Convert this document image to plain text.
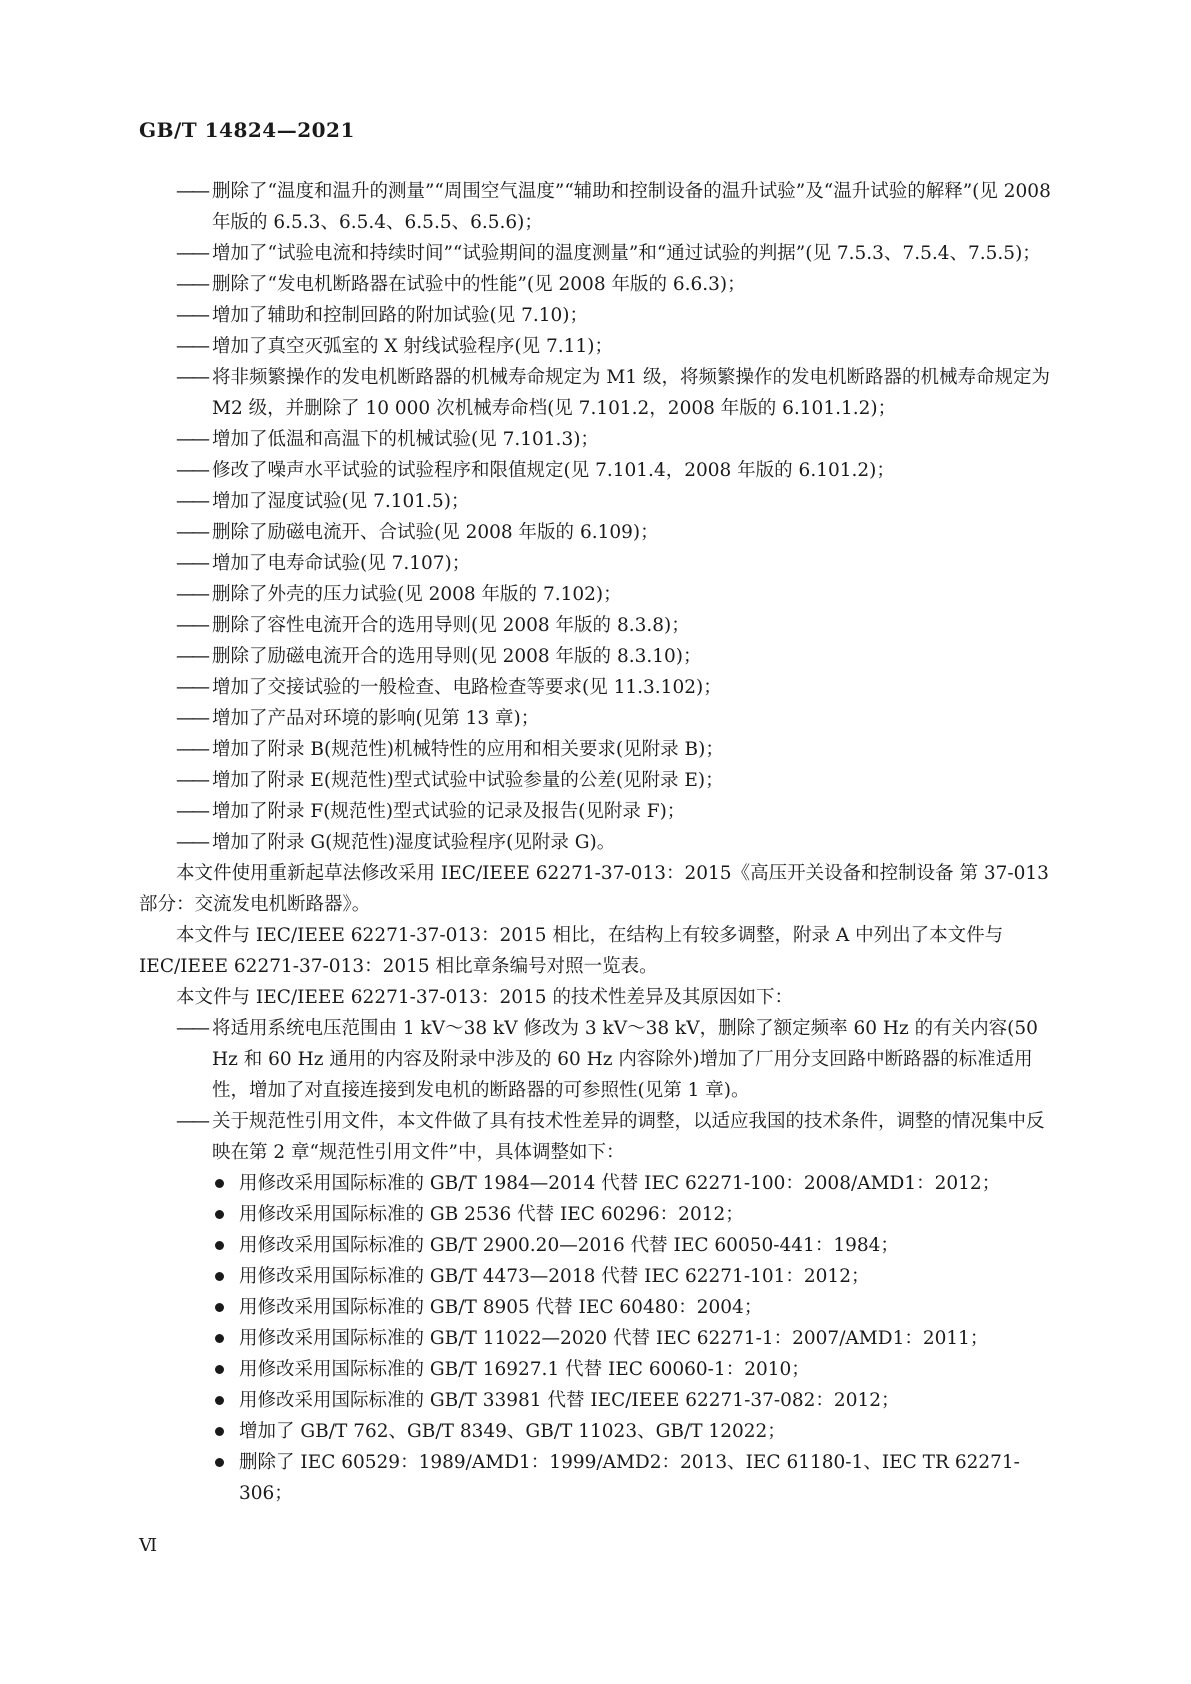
GB/T 14824—2021
—— 删除了“温度和温升的测量”“周围空气温度”“辅助和控制设备的温升试验”及“温升试验的解释”(见 2008 年版的 6.5.3、6.5.4、6.5.5、6.5.6)；
—— 增加了“试验电流和持续时间”“试验期间的温度测量”和“通过试验的判据”(见 7.5.3、7.5.4、7.5.5)；
—— 删除了“发电机断路器在试验中的性能”(见 2008 年版的 6.6.3)；
—— 增加了辅助和控制回路的附加试验(见 7.10)；
—— 增加了真空灭弧室的 X 射线试验程序(见 7.11)；
—— 将非频繁操作的发电机断路器的机械寿命规定为 M1 级，将频繁操作的发电机断路器的机械寿命规定为 M2 级，并删除了 10 000 次机械寿命档(见 7.101.2，2008 年版的 6.101.1.2)；
—— 增加了低温和高温下的机械试验(见 7.101.3)；
—— 修改了噪声水平试验的试验程序和限值规定(见 7.101.4，2008 年版的 6.101.2)；
—— 增加了湿度试验(见 7.101.5)；
—— 删除了励磁电流开、合试验(见 2008 年版的 6.109)；
—— 增加了电寿命试验(见 7.107)；
—— 删除了外壳的压力试验(见 2008 年版的 7.102)；
—— 删除了容性电流开合的选用导则(见 2008 年版的 8.3.8)；
—— 删除了励磁电流开合的选用导则(见 2008 年版的 8.3.10)；
—— 增加了交接试验的一般检查、电路检查等要求(见 11.3.102)；
—— 增加了产品对环境的影响(见第 13 章)；
—— 增加了附录 B(规范性)机械特性的应用和相关要求(见附录 B)；
—— 增加了附录 E(规范性)型式试验中试验参量的公差(见附录 E)；
—— 增加了附录 F(规范性)型式试验的记录及报告(见附录 F)；
—— 增加了附录 G(规范性)湿度试验程序(见附录 G)。
本文件使用重新起草法修改采用 IEC/IEEE 62271-37-013：2015《高压开关设备和控制设备 第 37-013 部分：交流发电机断路器》。
本文件与 IEC/IEEE 62271-37-013：2015 相比，在结构上有较多调整，附录 A 中列出了本文件与 IEC/IEEE 62271-37-013：2015 相比章条编号对照一览表。
本文件与 IEC/IEEE 62271-37-013：2015 的技术性差异及其原因如下：
—— 将适用系统电压范围由 1 kV～38 kV 修改为 3 kV～38 kV，删除了额定频率 60 Hz 的有关内容(50 Hz 和 60 Hz 通用的内容及附录中涉及的 60 Hz 内容除外)增加了厂用分支回路中断路器的标准适用性，增加了对直接连接到发电机的断路器的可参照性(见第 1 章)。
—— 关于规范性引用文件，本文件做了具有技术性差异的调整，以适应我国的技术条件，调整的情况集中反映在第 2 章“规范性引用文件”中，具体调整如下：
用修改采用国际标准的 GB/T 1984—2014 代替 IEC 62271-100：2008/AMD1：2012；
用修改采用国际标准的 GB 2536 代替 IEC 60296：2012；
用修改采用国际标准的 GB/T 2900.20—2016 代替 IEC 60050-441：1984；
用修改采用国际标准的 GB/T 4473—2018 代替 IEC 62271-101：2012；
用修改采用国际标准的 GB/T 8905 代替 IEC 60480：2004；
用修改采用国际标准的 GB/T 11022—2020 代替 IEC 62271-1：2007/AMD1：2011；
用修改采用国际标准的 GB/T 16927.1 代替 IEC 60060-1：2010；
用修改采用国际标准的 GB/T 33981 代替 IEC/IEEE 62271-37-082：2012；
增加了 GB/T 762、GB/T 8349、GB/T 11023、GB/T 12022；
删除了 IEC 60529：1989/AMD1：1999/AMD2：2013、IEC 61180-1、IEC TR 62271-306；
Ⅵ
